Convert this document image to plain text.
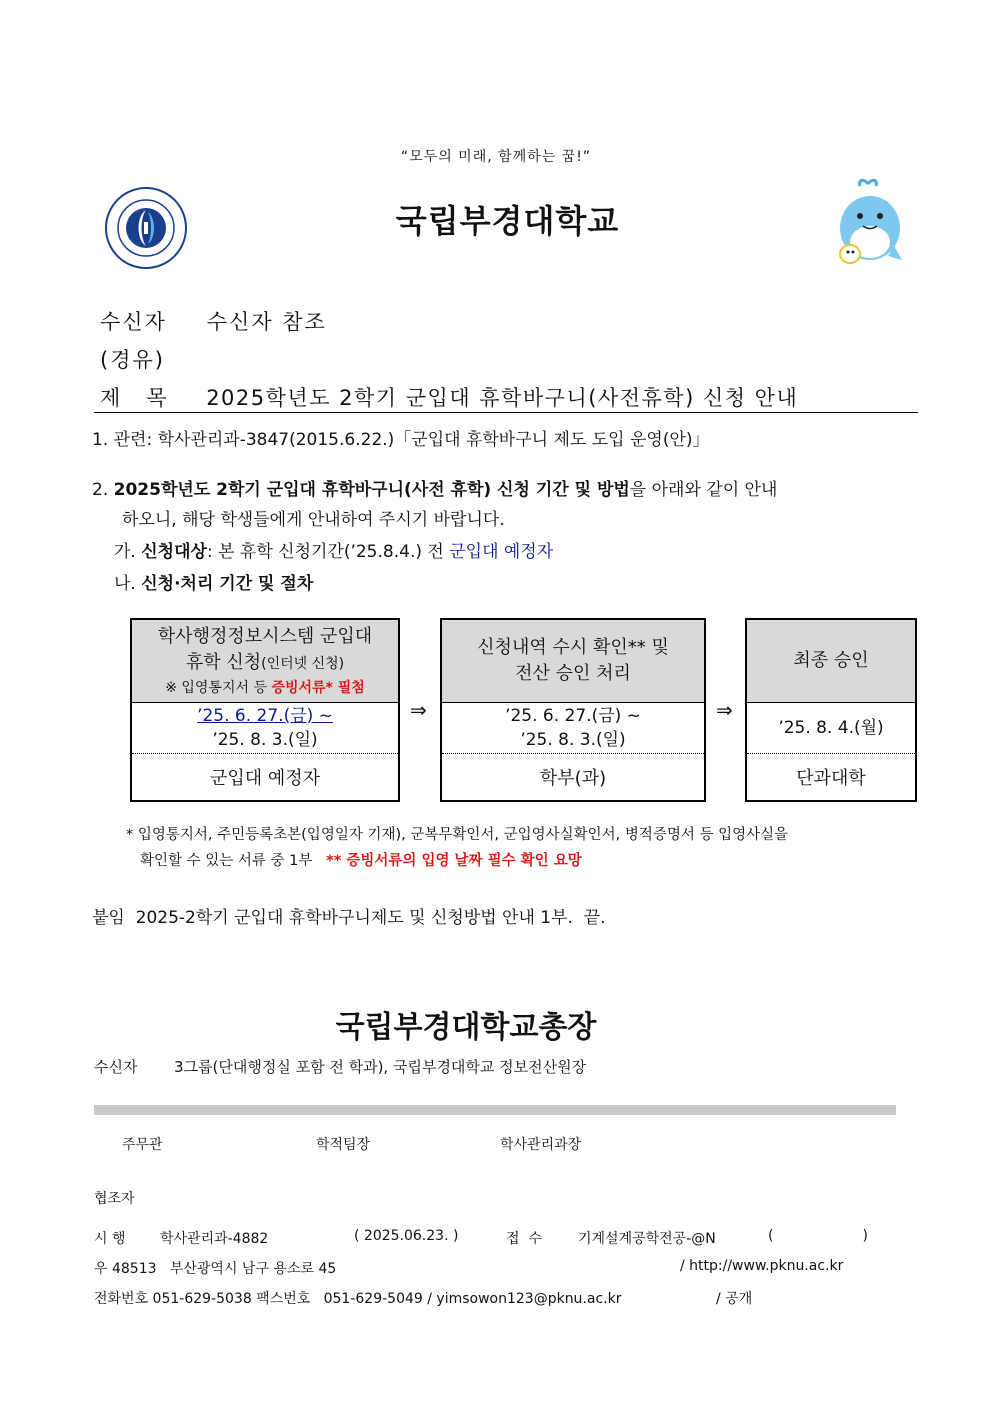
“모두의 미래, 함께하는 꿈!”
국립부경대학교
수신자 수신자 참조
(경유)
제   목 2025학년도 2학기 군입대 휴학바구니(사전휴학) 신청 안내
1. 관련: 학사관리과-3847(2015.6.22.)「군입대 휴학바구니 제도 도입 운영(안)」
2. 2025학년도 2학기 군입대 휴학바구니(사전 휴학) 신청 기간 및 방법을 아래와 같이 안내
하오니, 해당 학생들에게 안내하여 주시기 바랍니다.
가. 신청대상: 본 휴학 신청기간(’25.8.4.) 전 군입대 예정자
나. 신청·처리 기간 및 절차
학사행정정보시스템 군입대
휴학 신청(인터넷 신청)
※ 입영통지서 등 증빙서류* 필첨
’25. 6. 27.(금) ~
’25. 8. 3.(일)
군입대 예정자
⇒
신청내역 수시 확인** 및
전산 승인 처리
’25. 6. 27.(금) ~
’25. 8. 3.(일)
학부(과)
⇒
최종 승인
’25. 8. 4.(월)
단과대학
* 입영통지서, 주민등록초본(입영일자 기재), 군복무확인서, 군입영사실확인서, 병적증명서 등 입영사실을
확인할 수 있는 서류 중 1부   ** 증빙서류의 입영 날짜 필수 확인 요망
붙임  2025-2학기 군입대 휴학바구니제도 및 신청방법 안내 1부.  끝.
국립부경대학교총장
수신자 3그룹(단대행정실 포함 전 학과), 국립부경대학교 정보전산원장
주무관	학적팀장	학사관리과장
협조자
시 행 학사관리과-4882	( 2025.06.23. )	접  수	기계설계공학전공-@N	(                    )
우 48513   부산광역시 남구 용소로 45	/ http://www.pknu.ac.kr
전화번호 051-629-5038 팩스번호   051-629-5049 / yimsowon123@pknu.ac.kr	/ 공개
